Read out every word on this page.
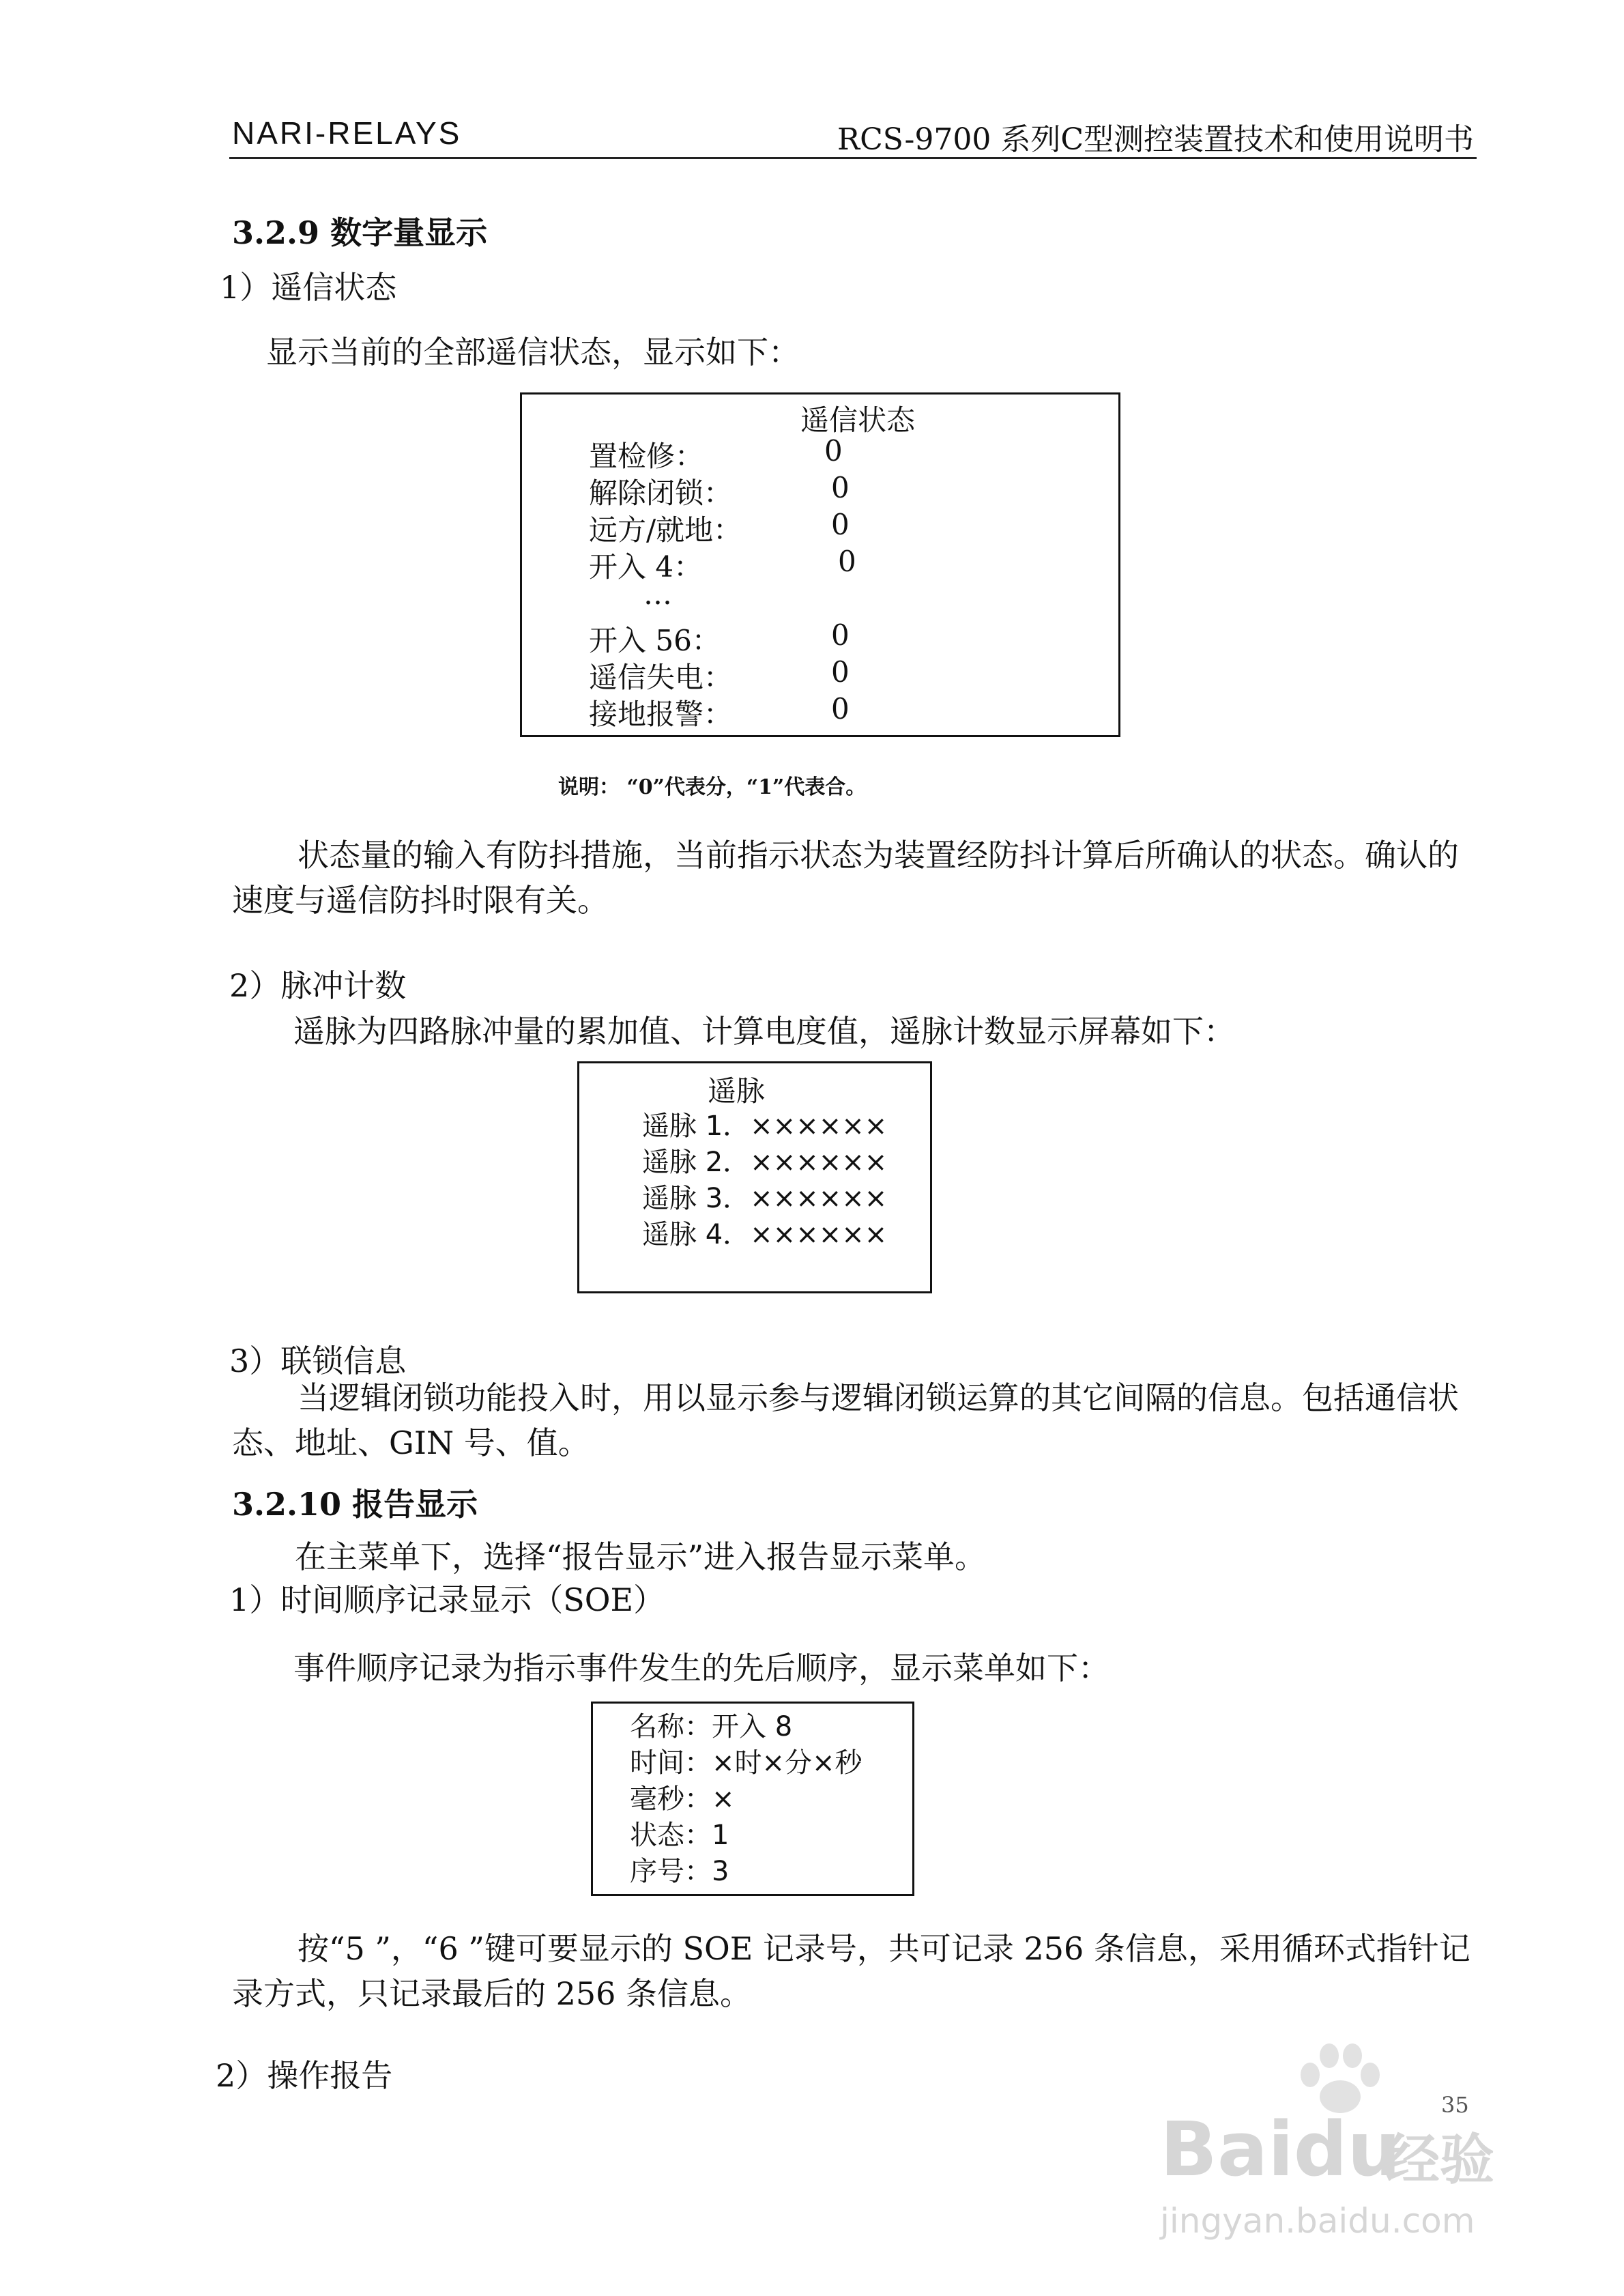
NARI-RELAYS	RCS-9700 系列C型测控装置技术和使用说明书
3.2.9 数字量显示
1）遥信状态
显示当前的全部遥信状态，显示如下：
遥信状态
置检修：	0
解除闭锁：	0
远方/就地：	0
开入 4：	0
…
开入 56：	0
遥信失电：	0
接地报警：	0
说明： “0”代表分，“1”代表合。
状态量的输入有防抖措施，当前指示状态为装置经防抖计算后所确认的状态。确认的速度与遥信防抖时限有关。
2）脉冲计数
遥脉为四路脉冲量的累加值、计算电度值，遥脉计数显示屏幕如下：
遥脉
遥脉 1．××××××
遥脉 2．××××××
遥脉 3．××××××
遥脉 4．××××××
3）联锁信息
当逻辑闭锁功能投入时，用以显示参与逻辑闭锁运算的其它间隔的信息。包括通信状态、地址、GIN 号、值。
3.2.10 报告显示
在主菜单下，选择“报告显示”进入报告显示菜单。
1）时间顺序记录显示（SOE）
事件顺序记录为指示事件发生的先后顺序，显示菜单如下：
名称：开入 8
时间：×时×分×秒
毫秒：×
状态：1
序号：3
按“5 ”，“6 ”键可要显示的 SOE 记录号，共可记录 256 条信息，采用循环式指针记录方式，只记录最后的 256 条信息。
2）操作报告
35
Baidu
经验
jingyan.baidu.com
